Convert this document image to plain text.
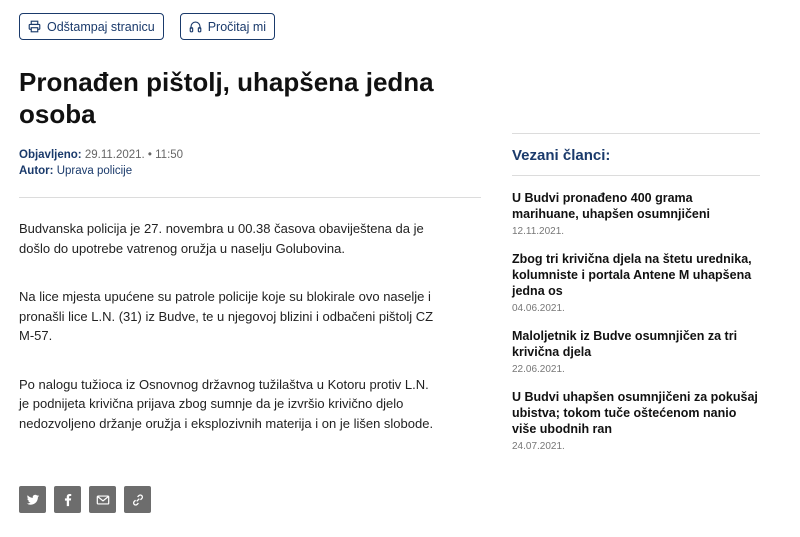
Odštampaj stranicu	Pročitaj mi
Pronađen pištolj, uhapšena jedna osoba
Objavljeno: 29.11.2021. • 11:50
Autor: Uprava policije

Budvanska policija je 27. novembra u 00.38 časova obaviještena da je došlo do upotrebe vatrenog oružja u naselju Golubovina.

Na lice mjesta upućene su patrole policije koje su blokirale ovo naselje i pronašli lice L.N. (31) iz Budve, te u njegovoj blizini i odbačeni pištolj CZ M-57.

Po nalogu tužioca iz Osnovnog državnog tužilaštva u Kotoru protiv L.N. je podnijeta krivična prijava zbog sumnje da je izvršio krivično djelo nedozvoljeno držanje oružja i eksplozivnih materija i on je lišen slobode.

Vezani članci:
U Budvi pronađeno 400 grama marihuane, uhapšen osumnjičeni
12.11.2021.
Zbog tri krivična djela na štetu urednika, kolumniste i portala Antene M uhapšena jedna os
04.06.2021.
Maloljetnik iz Budve osumnjičen za tri krivična djela
22.06.2021.
U Budvi uhapšen osumnjičeni za pokušaj ubistva; tokom tuče oštećenom nanio više ubodnih ran
24.07.2021.
